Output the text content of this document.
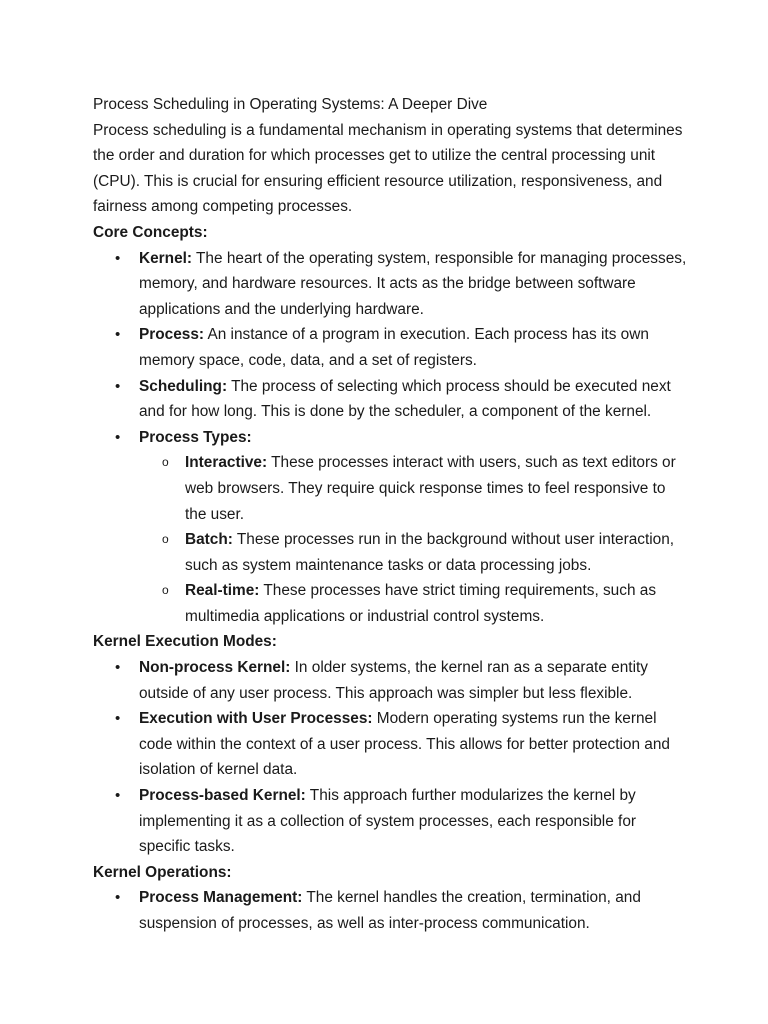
Process Scheduling in Operating Systems: A Deeper Dive

Process scheduling is a fundamental mechanism in operating systems that determines the order and duration for which processes get to utilize the central processing unit (CPU). This is crucial for ensuring efficient resource utilization, responsiveness, and fairness among competing processes.

Core Concepts:

•	Kernel: The heart of the operating system, responsible for managing processes, memory, and hardware resources. It acts as the bridge between software applications and the underlying hardware.
•	Process: An instance of a program in execution. Each process has its own memory space, code, data, and a set of registers.
•	Scheduling: The process of selecting which process should be executed next and for how long. This is done by the scheduler, a component of the kernel.
•	Process Types:
o Interactive: These processes interact with users, such as text editors or web browsers. They require quick response times to feel responsive to the user.
o Batch: These processes run in the background without user interaction, such as system maintenance tasks or data processing jobs.
o Real-time: These processes have strict timing requirements, such as multimedia applications or industrial control systems.

Kernel Execution Modes:

•	Non-process Kernel: In older systems, the kernel ran as a separate entity outside of any user process. This approach was simpler but less flexible.
•	Execution with User Processes: Modern operating systems run the kernel code within the context of a user process. This allows for better protection and isolation of kernel data.
•	Process-based Kernel: This approach further modularizes the kernel by implementing it as a collection of system processes, each responsible for specific tasks.

Kernel Operations:

•	Process Management: The kernel handles the creation, termination, and suspension of processes, as well as inter-process communication.
